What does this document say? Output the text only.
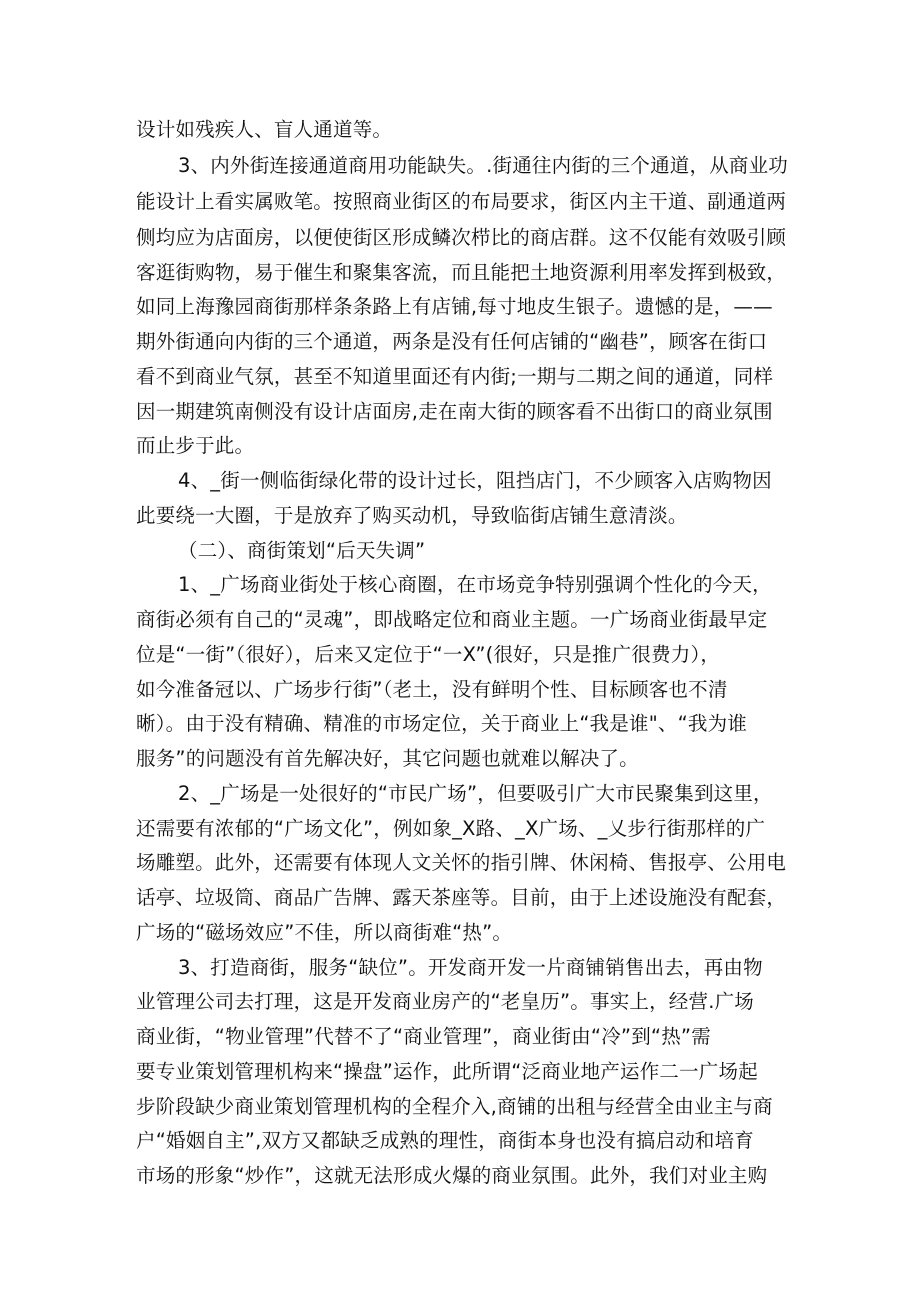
设计如残疾人、盲人通道等。
3、内外街连接通道商用功能缺失。.街通往内街的三个通道，从商业功
能设计上看实属败笔。按照商业街区的布局要求，街区内主干道、副通道两
侧均应为店面房，以便使街区形成鳞次栉比的商店群。这不仅能有效吸引顾
客逛街购物，易于催生和聚集客流，而且能把土地资源利用率发挥到极致，
如同上海豫园商街那样条条路上有店铺,每寸地皮生银子。遗憾的是，——
期外街通向内街的三个通道，两条是没有任何店铺的“幽巷”，顾客在街口
看不到商业气氛，甚至不知道里面还有内街;一期与二期之间的通道，同样
因一期建筑南侧没有设计店面房,走在南大街的顾客看不出街口的商业氛围
而止步于此。
4、_街一侧临街绿化带的设计过长，阻挡店门，不少顾客入店购物因
此要绕一大圈，于是放弃了购买动机，导致临街店铺生意清淡。
（二）、商街策划“后天失调”
1、_广场商业街处于核心商圈，在市场竞争特别强调个性化的今天，
商街必须有自己的“灵魂”，即战略定位和商业主题。一广场商业街最早定
位是“一街”（很好），后来又定位于“一X”(很好，只是推广很费力），
如今准备冠以、广场步行街”（老土，没有鲜明个性、目标顾客也不清
晰）。由于没有精确、精准的市场定位，关于商业上“我是谁"、“我为谁
服务”的问题没有首先解决好，其它问题也就难以解决了。
2、_广场是一处很好的“市民广场”，但要吸引广大市民聚集到这里，
还需要有浓郁的“广场文化”，例如象_X路、_X广场、_乂步行街那样的广
场雕塑。此外，还需要有体现人文关怀的指引牌、休闲椅、售报亭、公用电
话亭、垃圾筒、商品广告牌、露天茶座等。目前，由于上述设施没有配套，
广场的“磁场效应”不佳，所以商街难“热”。
3、打造商街，服务“缺位”。开发商开发一片商铺销售出去，再由物
业管理公司去打理，这是开发商业房产的“老皇历”。事实上，经营.广场
商业街，“物业管理”代替不了“商业管理”，商业街由“冷”到“热”需
要专业策划管理机构来“操盘”运作，此所谓“泛商业地产运作二一广场起
步阶段缺少商业策划管理机构的全程介入,商铺的出租与经营全由业主与商
户“婚姻自主”,双方又都缺乏成熟的理性，商街本身也没有搞启动和培育
市场的形象“炒作”，这就无法形成火爆的商业氛围。此外，我们对业主购
